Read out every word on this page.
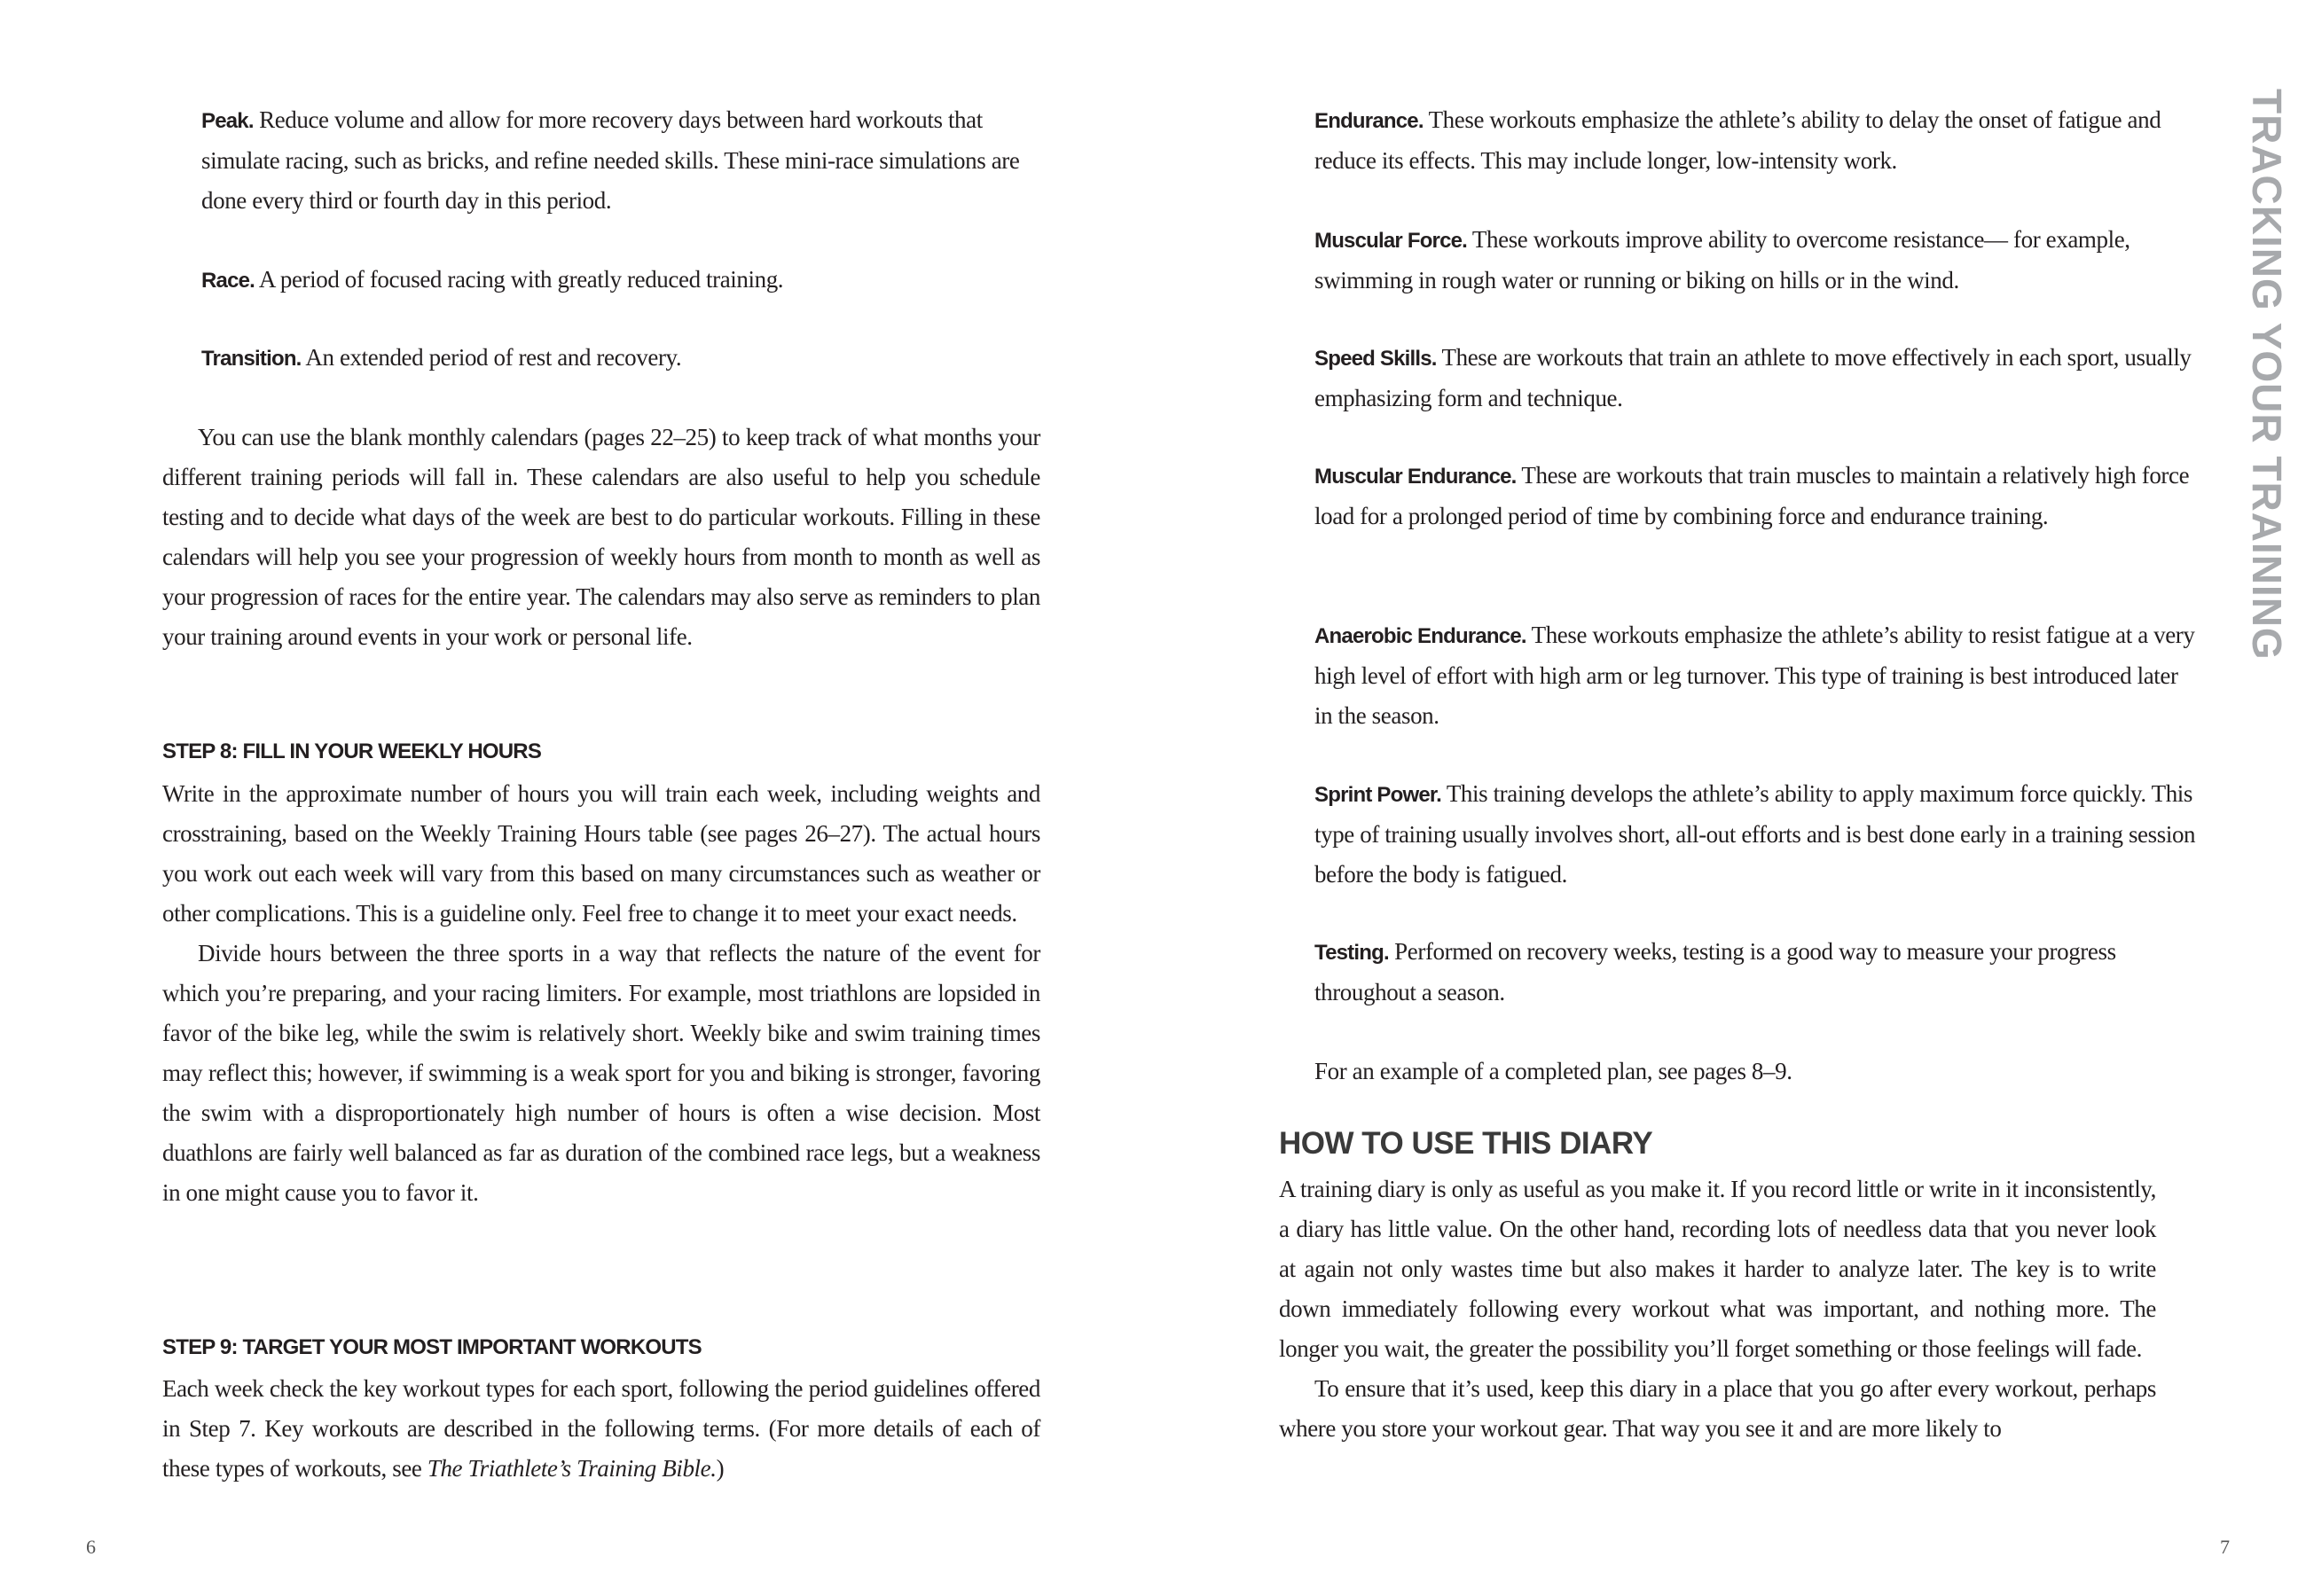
Peak. Reduce volume and allow for more recovery days between hard workouts that simulate racing, such as bricks, and refine needed skills. These mini-race simulations are done every third or fourth day in this period.
Race. A period of focused racing with greatly reduced training.
Transition. An extended period of rest and recovery.

You can use the blank monthly calendars (pages 22–25) to keep track of what months your different training periods will fall in. These calendars are also useful to help you schedule testing and to decide what days of the week are best to do particular workouts. Filling in these calendars will help you see your progression of weekly hours from month to month as well as your progression of races for the entire year. The calendars may also serve as reminders to plan your training around events in your work or personal life.

STEP 8: FILL IN YOUR WEEKLY HOURS

Write in the approximate number of hours you will train each week, including weights and crosstraining, based on the Weekly Training Hours table (see pages 26–27). The actual hours you work out each week will vary from this based on many circumstances such as weather or other complications. This is a guideline only. Feel free to change it to meet your exact needs.

Divide hours between the three sports in a way that reflects the nature of the event for which you’re preparing, and your racing limiters. For example, most triathlons are lopsided in favor of the bike leg, while the swim is relatively short. Weekly bike and swim training times may reflect this; however, if swimming is a weak sport for you and biking is stronger, favoring the swim with a disproportionately high number of hours is often a wise decision. Most duathlons are fairly well balanced as far as duration of the combined race legs, but a weakness in one might cause you to favor it.

STEP 9: TARGET YOUR MOST IMPORTANT WORKOUTS
Each week check the key workout types for each sport, following the period guidelines offered in Step 7. Key workouts are described in the following terms. (For more details of each of these types of workouts, see The Triathlete’s Training Bible.)
6
Endurance. These workouts emphasize the athlete’s ability to delay the onset of fatigue and reduce its effects. This may include longer, low-intensity work.
Muscular Force. These workouts improve ability to overcome resistance— for example, swimming in rough water or running or biking on hills or in the wind.
Speed Skills. These are workouts that train an athlete to move effectively in each sport, usually emphasizing form and technique.
Muscular Endurance. These are workouts that train muscles to maintain a relatively high force load for a prolonged period of time by combining force and endurance training.
Anaerobic Endurance. These workouts emphasize the athlete’s ability to resist fatigue at a very high level of effort with high arm or leg turnover. This type of training is best introduced later in the season.
Sprint Power. This training develops the athlete’s ability to apply maximum force quickly. This type of training usually involves short, all-out efforts and is best done early in a training session before the body is fatigued.
Testing. Performed on recovery weeks, testing is a good way to measure your progress throughout a season.
For an example of a completed plan, see pages 8–9.
HOW TO USE THIS DIARY

A training diary is only as useful as you make it. If you record little or write in it inconsistently, a diary has little value. On the other hand, recording lots of needless data that you never look at again not only wastes time but also makes it harder to analyze later. The key is to write down immediately following every workout what was important, and nothing more. The longer you wait, the greater the possibility you’ll forget something or those feelings will fade.

To ensure that it’s used, keep this diary in a place that you go after every workout, perhaps where you store your workout gear. That way you see it and are more likely to

TRACKING YOUR TRAINING
7
